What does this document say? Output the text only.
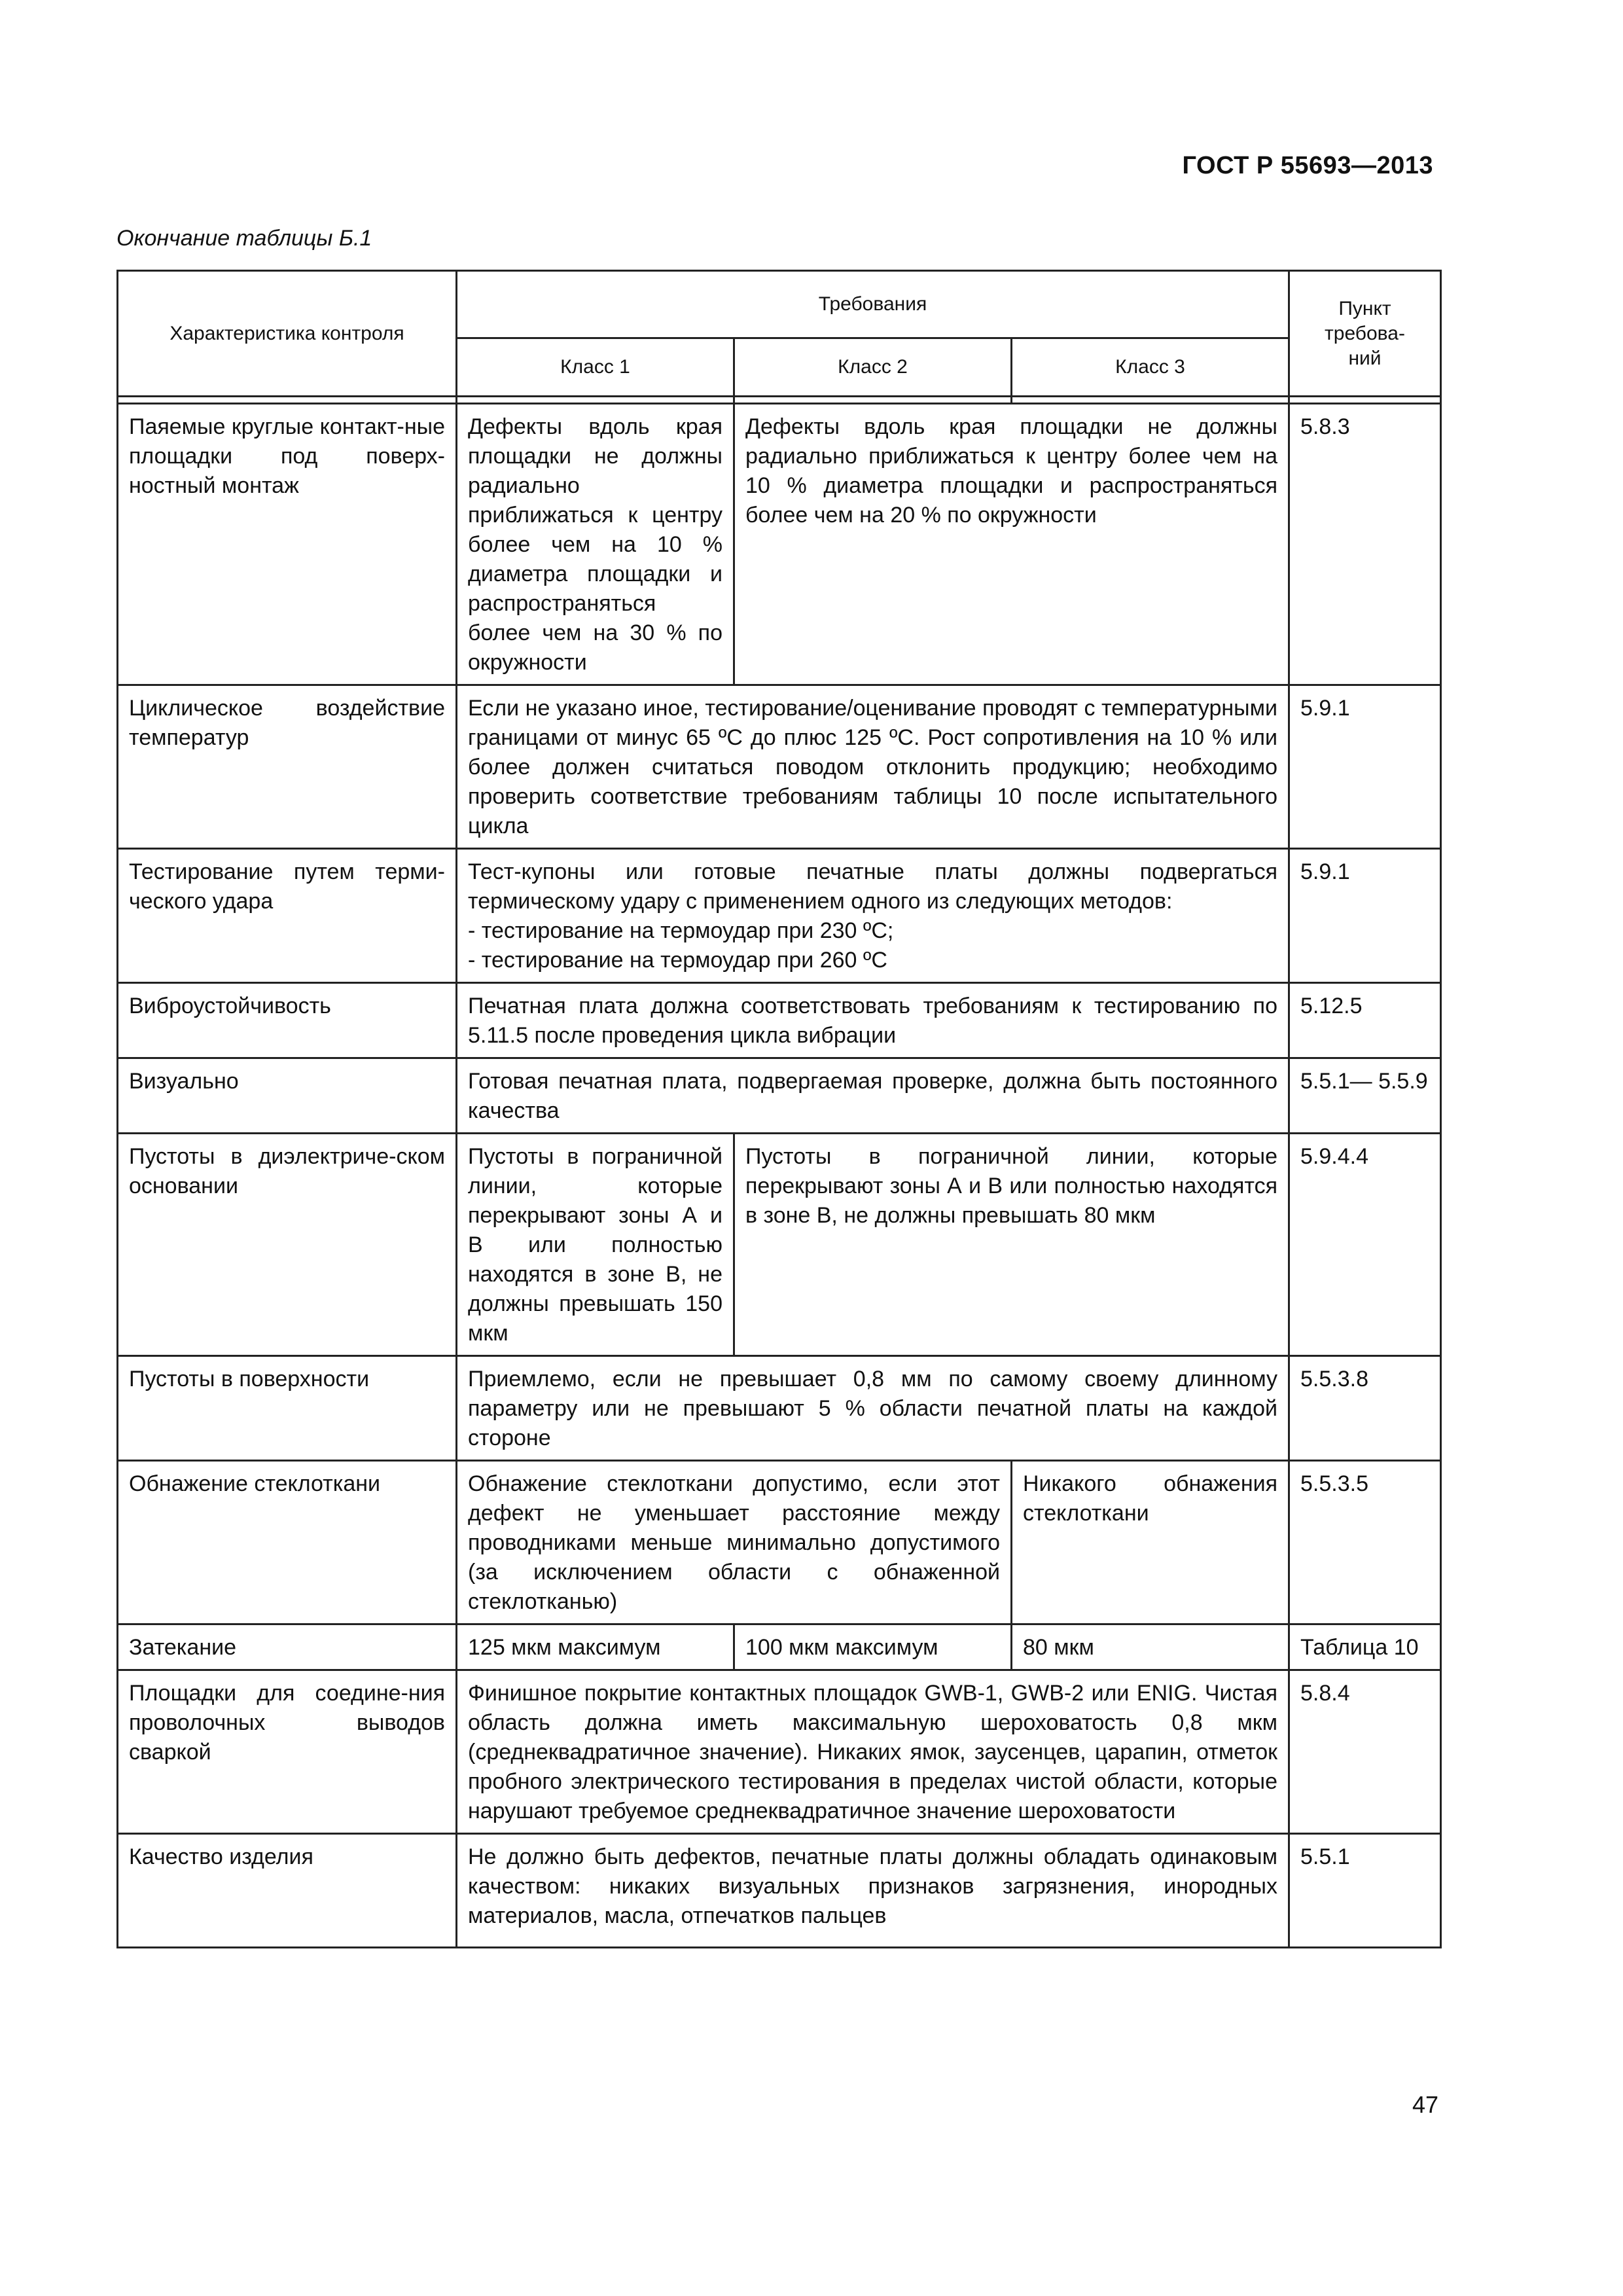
ГОСТ Р 55693—2013
Окончание таблицы Б.1
Характеристика контроля	Требования			Пункт
требова-
ний

	Класс 1	Класс 2	Класс 3	

Паяемые круглые контакт-ные площадки под поверх-ностный монтаж	Дефекты вдоль края площадки не должны радиально приближаться к центру более чем на 10 % диаметра площадки и распространяться более чем на 30 % по окружности	Дефекты вдоль края площадки не должны радиально приближаться к центру более чем на 10 % диаметра площадки и распространяться более чем на 20 % по окружности		5.8.3
Циклическое воздействие температур	Если не указано иное, тестирование/оценивание проводят с температурными границами от минус 65 ºС до плюс 125 ºС. Рост сопротивления на 10 % или более должен считаться поводом отклонить продукцию; необходимо проверить соответствие требованиям таблицы 10 после испытательного цикла			5.9.1
Тестирование путем терми-ческого удара	Тест-купоны или готовые печатные платы должны подвергаться термическому удару с применением одного из следующих методов:
- тестирование на термоудар при 230 ºС;
- тестирование на термоудар при 260 ºС			5.9.1
Виброустойчивость	Печатная плата должна соответствовать требованиям к тестированию по 5.11.5 после проведения цикла вибрации			5.12.5
Визуально	Готовая печатная плата, подвергаемая проверке, должна быть постоянного качества			5.5.1— 5.5.9
Пустоты в диэлектриче-ском основании	Пустоты в пограничной линии, которые перекрывают зоны А и В или полностью находятся в зоне В, не должны превышать 150 мкм	Пустоты в пограничной линии, которые перекрывают зоны А и В или полностью находятся в зоне В, не должны превышать 80 мкм		5.9.4.4
Пустоты в поверхности	Приемлемо, если не превышает 0,8 мм по самому своему длинному параметру или не превышают 5 % области печатной платы на каждой стороне			5.5.3.8
Обнажение стеклоткани	Обнажение стеклоткани допустимо, если этот дефект не уменьшает расстояние между проводниками меньше минимально допустимого (за исключением области с обнаженной стеклотканью)		Никакого обнажения стеклоткани	5.5.3.5
Затекание	125 мкм максимум	100 мкм максимум	80 мкм	Таблица 10
Площадки для соедине-ния проволочных выводов сваркой	Финишное покрытие контактных площадок GWB-1, GWB-2 или ENIG. Чистая область должна иметь максимальную шероховатость 0,8 мкм (среднеквадратичное значение). Никаких ямок, заусенцев, царапин, отметок пробного электрического тестирования в пределах чистой области, которые нарушают требуемое среднеквадратичное значение шероховатости			5.8.4
Качество изделия	Не должно быть дефектов, печатные платы должны обладать одинаковым качеством: никаких визуальных признаков загрязнения, инородных материалов, масла, отпечатков пальцев			5.5.1
47
